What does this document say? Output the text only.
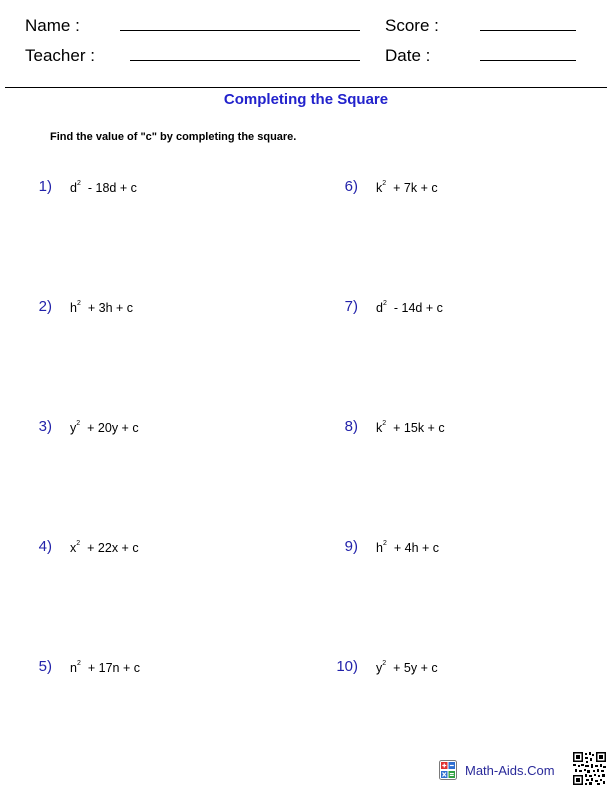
Name :	Score :
Teacher :	Date :
Completing the Square
Find the value of "c" by completing the square.
1) $d^2 - 18d + c$
2) $h^2 + 3h + c$
3) $y^2 + 20y + c$
4) $x^2 + 22x + c$
5) $n^2 + 17n + c$
6) $k^2 + 7k + c$
7) $d^2 - 14d + c$
8) $k^2 + 15k + c$
9) $h^2 + 4h + c$
10) $y^2 + 5y + c$
Math-Aids.Com
